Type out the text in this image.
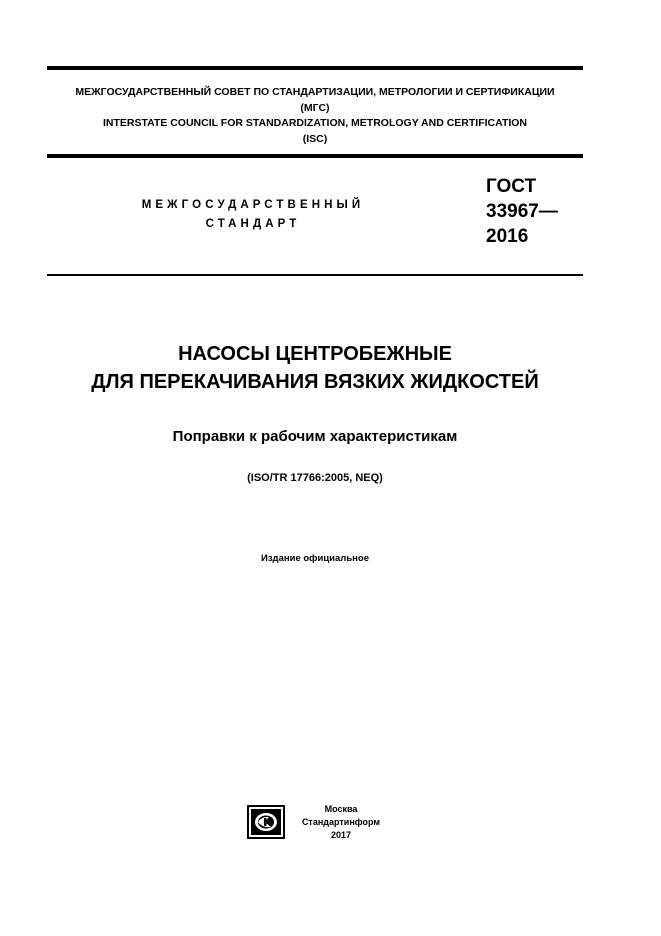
МЕЖГОСУДАРСТВЕННЫЙ СОВЕТ ПО СТАНДАРТИЗАЦИИ, МЕТРОЛОГИИ И СЕРТИФИКАЦИИ
(МГС)
INTERSTATE COUNCIL FOR STANDARDIZATION, METROLOGY AND CERTIFICATION
(ISC)
МЕЖГОСУДАРСТВЕННЫЙ
СТАНДАРТ
ГОСТ
33967—
2016
НАСОСЫ ЦЕНТРОБЕЖНЫЕ
ДЛЯ ПЕРЕКАЧИВАНИЯ ВЯЗКИХ ЖИДКОСТЕЙ
Поправки к рабочим характеристикам
(ISO/TR 17766:2005, NEQ)
Издание официальное
Москва
Стандартинформ
2017
